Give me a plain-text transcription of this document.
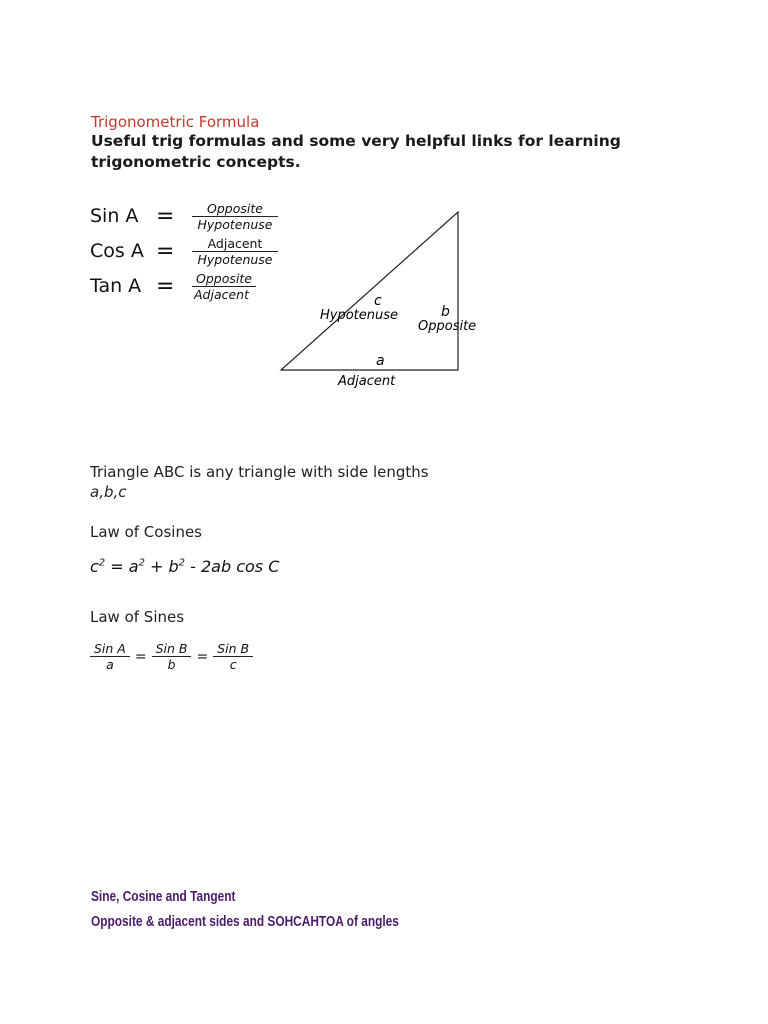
Trigonometric Formula
Useful trig formulas and some very helpful links for learning trigonometric concepts.
Sin A =	$\frac{\text{Opposite}}{\text{Hypotenuse}}$
Cos A =	$\frac{\text{Adjacent}}{\text{Hypotenuse}}$
Tan A =	$\frac{\text{Opposite}}{\text{Adjacent}}$
c
Hypotenuse	b
Opposite
a
Adjacent
Triangle ABC is any triangle with side lengths
a,b,c
Law of Cosines
$c^2 = a^2 + b^2 - 2ab$ cos C
Law of Sines
$\frac{\text{Sin A}}{a} = \frac{\text{Sin B}}{b} = \frac{\text{Sin B}}{c}$
Sine, Cosine and Tangent
Opposite & adjacent sides and SOHCAHTOA of angles
